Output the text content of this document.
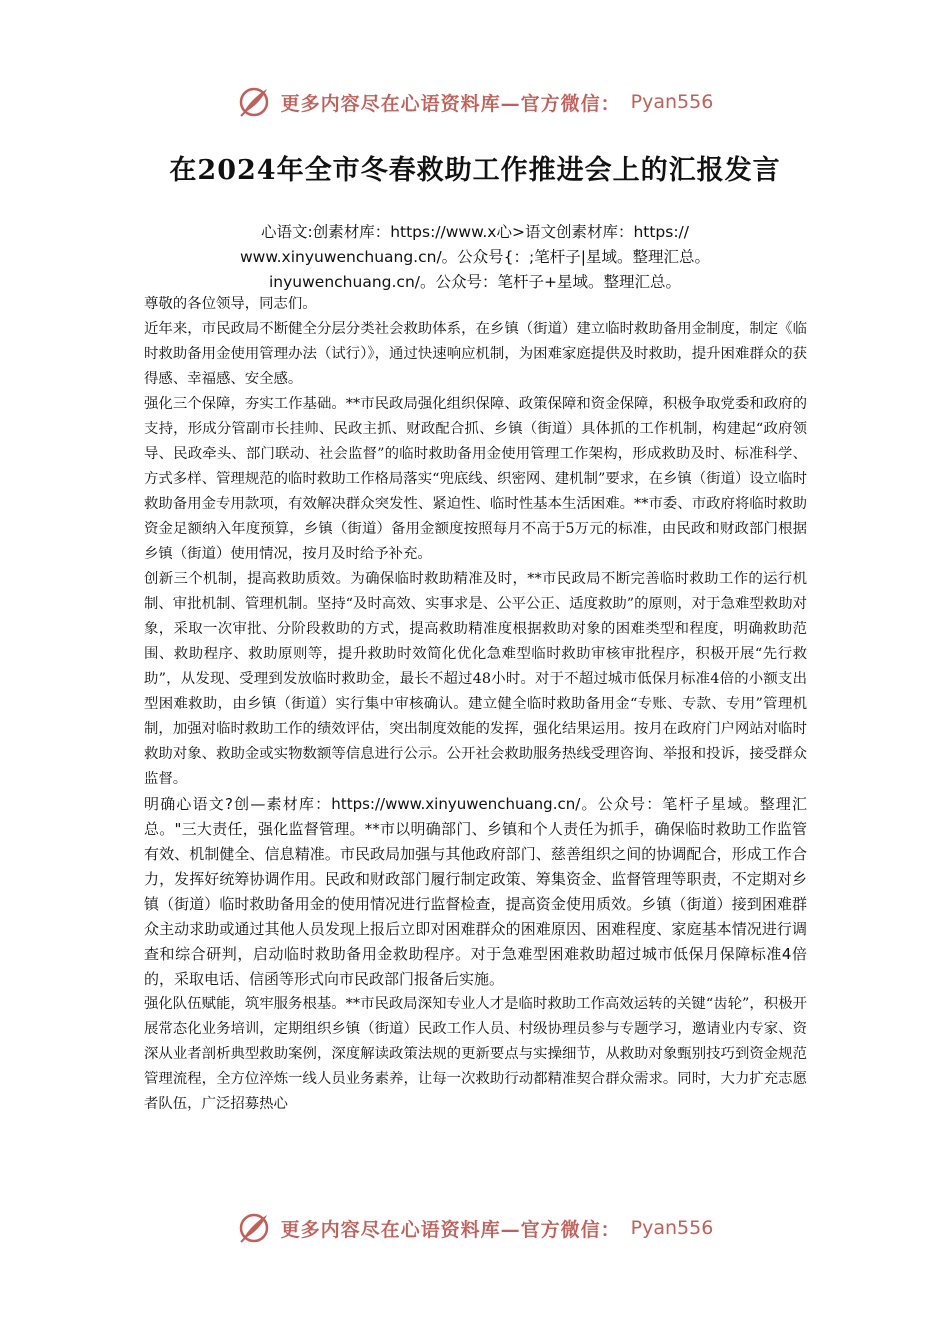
更多内容尽在心语资料库—官方微信： Pyan556
在2024年全市冬春救助工作推进会上的汇报发言
心语文:创素材库：https://www.x心>语文创素材库：https://
www.xinyuwenchuang.cn/。公众号{：;笔杆子|星域。整理汇总。
inyuwenchuang.cn/。公众号：笔杆子+星域。整理汇总。

尊敬的各位领导，同志们。

近年来，市民政局不断健全分层分类社会救助体系，在乡镇（街道）建立临时救助备用金制度，制定《临时救助备用金使用管理办法（试行）》，通过快速响应机制，为困难家庭提供及时救助，提升困难群众的获得感、幸福感、安全感。

强化三个保障，夯实工作基础。**市民政局强化组织保障、政策保障和资金保障，积极争取党委和政府的支持，形成分管副市长挂帅、民政主抓、财政配合抓、乡镇（街道）具体抓的工作机制，构建起“政府领导、民政牵头、部门联动、社会监督”的临时救助备用金使用管理工作架构，形成救助及时、标准科学、方式多样、管理规范的临时救助工作格局落实“兜底线、织密网、建机制”要求，在乡镇（街道）设立临时救助备用金专用款项，有效解决群众突发性、紧迫性、临时性基本生活困难。**市委、市政府将临时救助资金足额纳入年度预算，乡镇（街道）备用金额度按照每月不高于5万元的标准，由民政和财政部门根据乡镇（街道）使用情况，按月及时给予补充。

创新三个机制，提高救助质效。为确保临时救助精准及时，**市民政局不断完善临时救助工作的运行机制、审批机制、管理机制。坚持“及时高效、实事求是、公平公正、适度救助”的原则，对于急难型救助对象，采取一次审批、分阶段救助的方式，提高救助精准度根据救助对象的困难类型和程度，明确救助范围、救助程序、救助原则等，提升救助时效简化优化急难型临时救助审核审批程序，积极开展“先行救助”，从发现、受理到发放临时救助金，最长不超过48小时。对于不超过城市低保月标准4倍的小额支出型困难救助，由乡镇（街道）实行集中审核确认。建立健全临时救助备用金“专账、专款、专用”管理机制，加强对临时救助工作的绩效评估，突出制度效能的发挥，强化结果运用。按月在政府门户网站对临时救助对象、救助金或实物数额等信息进行公示。公开社会救助服务热线受理咨询、举报和投诉，接受群众监督。

明确心语文?创—素材库：https://www.xinyuwenchuang.cn/。公众号：笔杆子星域。整理汇总。"三大责任，强化监督管理。**市以明确部门、乡镇和个人责任为抓手，确保临时救助工作监管有效、机制健全、信息精准。市民政局加强与其他政府部门、慈善组织之间的协调配合，形成工作合力，发挥好统筹协调作用。民政和财政部门履行制定政策、筹集资金、监督管理等职责，不定期对乡镇（街道）临时救助备用金的使用情况进行监督检查，提高资金使用质效。乡镇（街道）接到困难群众主动求助或通过其他人员发现上报后立即对困难群众的困难原因、困难程度、家庭基本情况进行调查和综合研判，启动临时救助备用金救助程序。对于急难型困难救助超过城市低保月保障标准4倍的，采取电话、信函等形式向市民政部门报备后实施。

强化队伍赋能，筑牢服务根基。**市民政局深知专业人才是临时救助工作高效运转的关键“齿轮”，积极开展常态化业务培训，定期组织乡镇（街道）民政工作人员、村级协理员参与专题学习，邀请业内专家、资深从业者剖析典型救助案例，深度解读政策法规的更新要点与实操细节，从救助对象甄别技巧到资金规范管理流程，全方位淬炼一线人员业务素养，让每一次救助行动都精准契合群众需求。同时，大力扩充志愿者队伍，广泛招募热心

更多内容尽在心语资料库—官方微信： Pyan556
